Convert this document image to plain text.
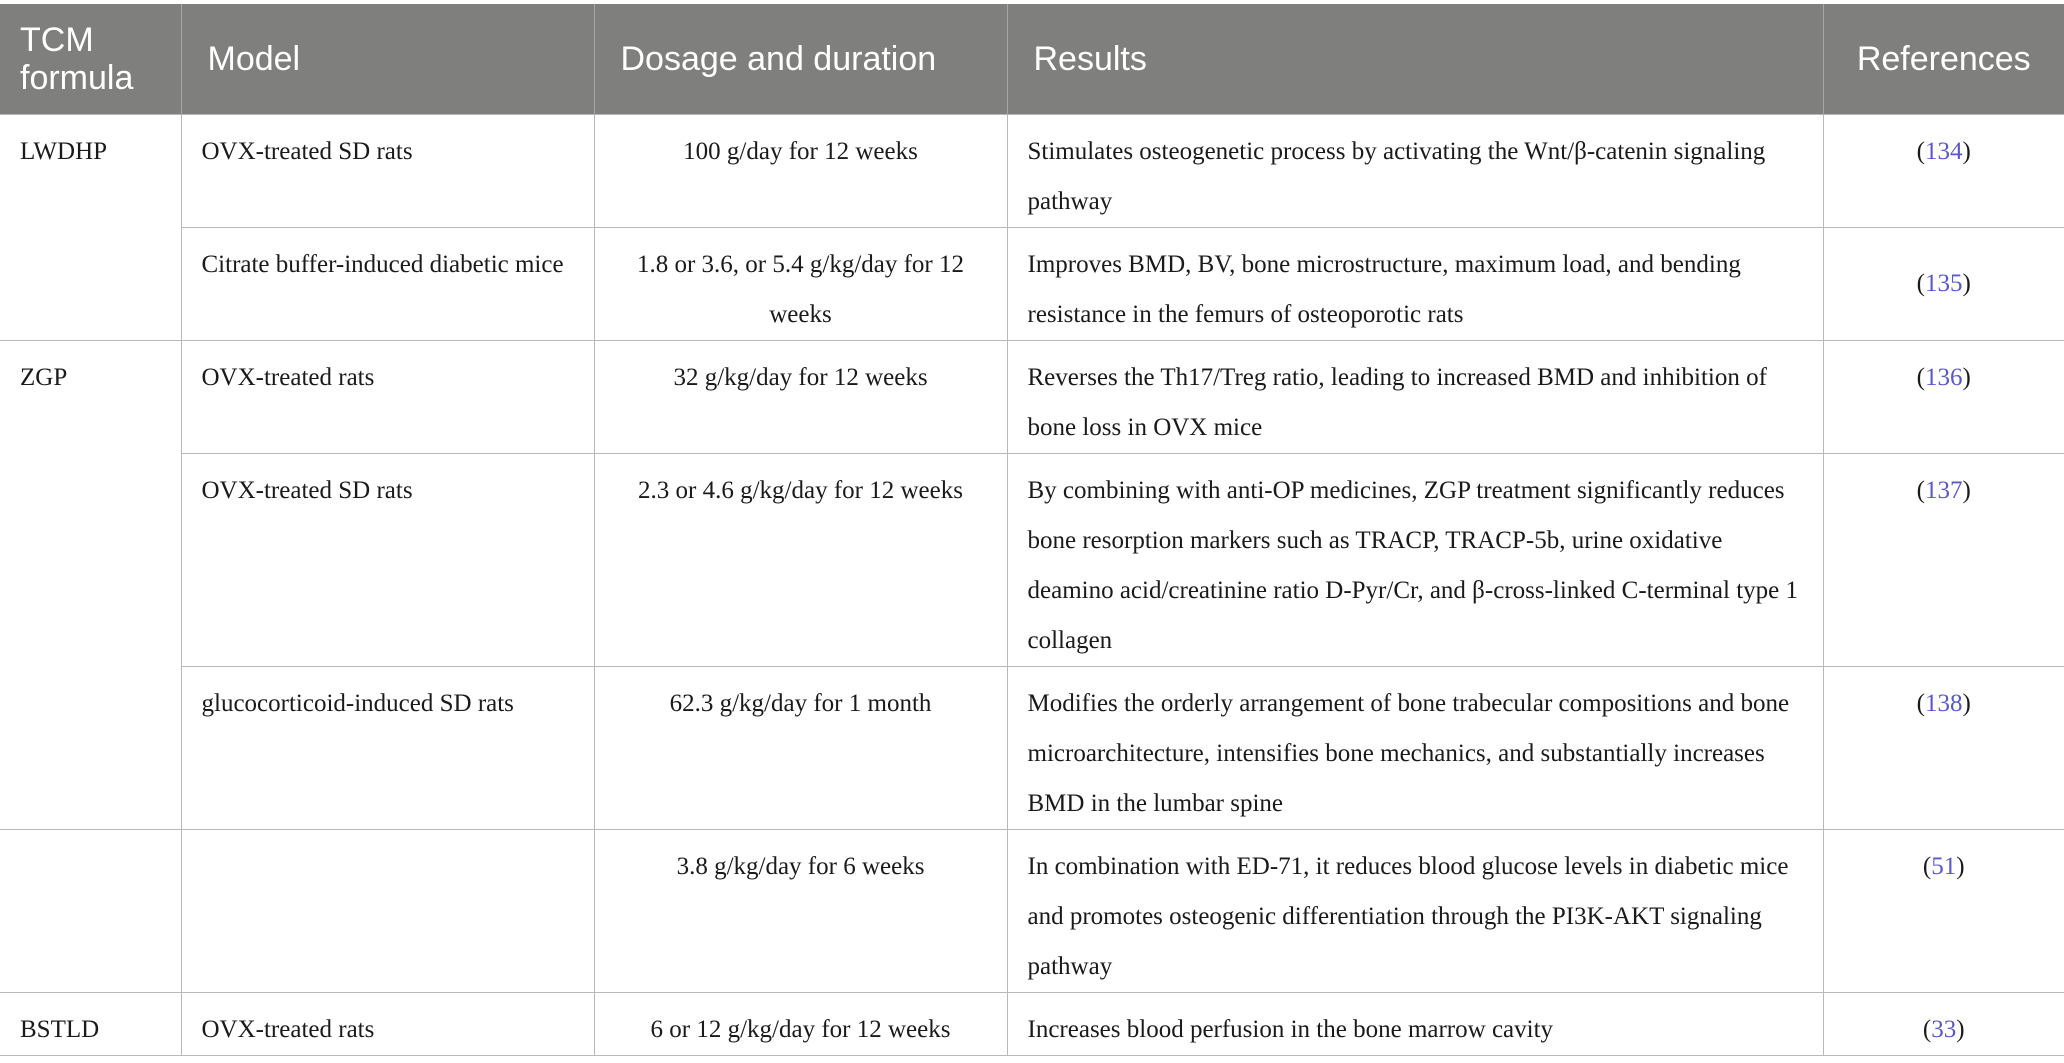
TCM formula	Model	Dosage and duration	Results	References
LWDHP	OVX-treated SD rats	100 g/day for 12 weeks	Stimulates osteogenetic process by activating the Wnt/β-catenin signaling pathway	(134)
	Citrate buffer-induced diabetic mice	1.8 or 3.6, or 5.4 g/kg/day for 12 weeks	Improves BMD, BV, bone microstructure, maximum load, and bending resistance in the femurs of osteoporotic rats	(135)
ZGP	OVX-treated rats	32 g/kg/day for 12 weeks	Reverses the Th17/Treg ratio, leading to increased BMD and inhibition of bone loss in OVX mice	(136)
	OVX-treated SD rats	2.3 or 4.6 g/kg/day for 12 weeks	By combining with anti-OP medicines, ZGP treatment significantly reduces bone resorption markers such as TRACP, TRACP-5b, urine oxidative deamino acid/creatinine ratio D-Pyr/Cr, and β-cross-linked C-terminal type 1 collagen	(137)
	glucocorticoid-induced SD rats	62.3 g/kg/day for 1 month	Modifies the orderly arrangement of bone trabecular compositions and bone microarchitecture, intensifies bone mechanics, and substantially increases BMD in the lumbar spine	(138)
		3.8 g/kg/day for 6 weeks	In combination with ED-71, it reduces blood glucose levels in diabetic mice and promotes osteogenic differentiation through the PI3K-AKT signaling pathway	(51)
BSTLD	OVX-treated rats	6 or 12 g/kg/day for 12 weeks	Increases blood perfusion in the bone marrow cavity	(33)
